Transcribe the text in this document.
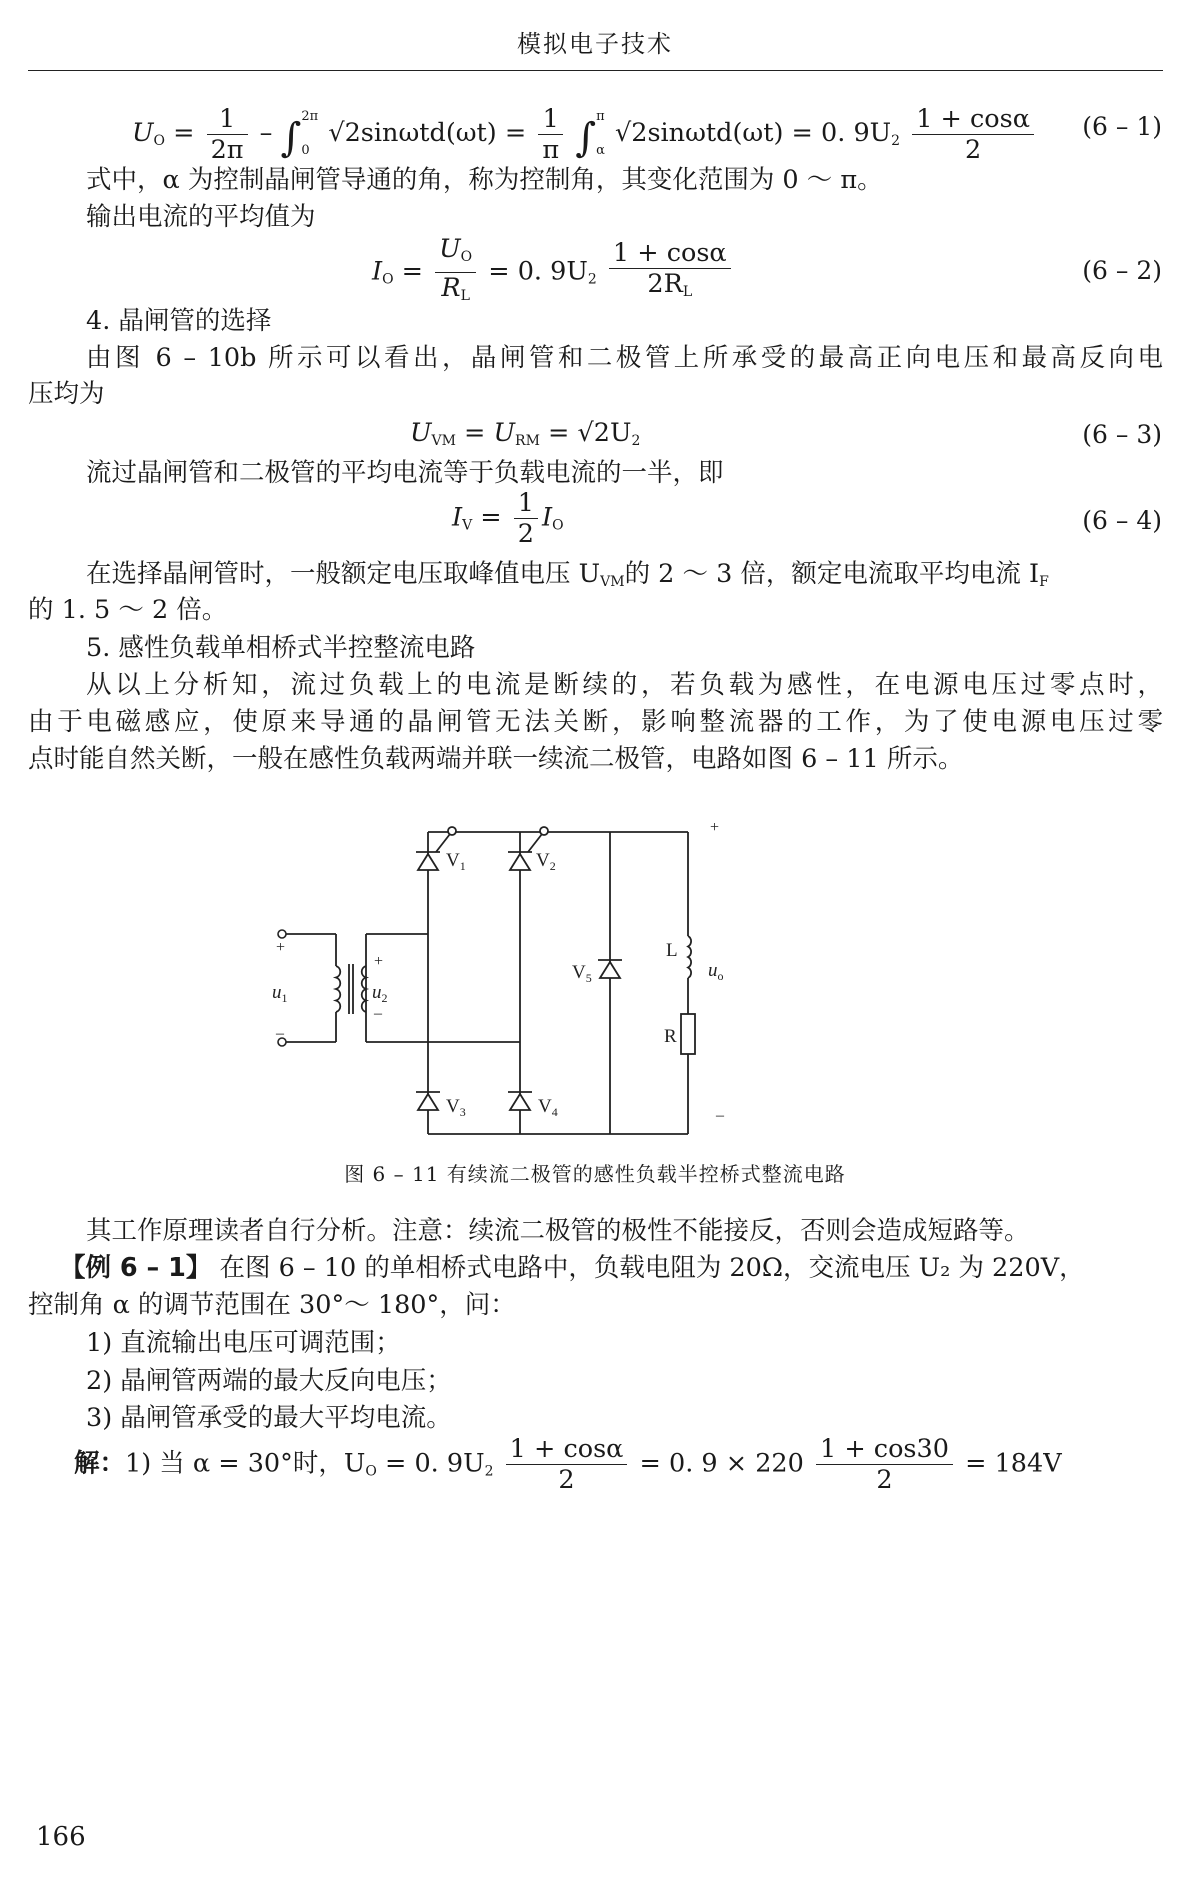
模拟电子技术
$U_O = \frac{1}{2\pi}$ – ∫ 2π
0
$√2\sin\omega td(\omega t) = \frac{1}{\pi}$ ∫ π
α
√2sinωtd(ωt) = 0. $9U_2 \frac{1 + \cos\alpha}{2} (6 - 1)$
式中，α 为控制晶闸管导通的角，称为控制角，其变化范围为 0 ～ π。
输出电流的平均值为
$I_O = \frac{U_O}{R_L} = 0$. $9U_2 \frac{1 + \cos\alpha}{2R_L}$	(6 – 2)
4. 晶闸管的选择
由图 6 – 10b 所示可以看出，晶闸管和二极管上所承受的最高正向电压和最高反向电
压均为
$U_{VM} = U_{RM} = √2U_2$	(6 – 3)
流过晶闸管和二极管的平均电流等于负载电流的一半，即
$I_V = \frac{1}{2} I_O$	(6 – 4)
在选择晶闸管时，一般额定电压取峰值电压 $U_{VM}$的 2 ～ 3 倍，额定电流取平均电流 $I_F$
的 1. 5 ～ 2 倍。
5. 感性负载单相桥式半控整流电路
从以上分析知，流过负载上的电流是断续的，若负载为感性，在电源电压过零点时，
由于电磁感应，使原来导通的晶闸管无法关断，影响整流器的工作，为了使电源电压过零
点时能自然关断，一般在感性负载两端并联一续流二极管，电路如图 6 – 11 所示。
$V_1$	$V_2$
$V_3$	$V_4$
$V_5$
L
R
$u_1$	$u_2$
$u_o$
+
–
+
–
+
–
图 6 – 11 有续流二极管的感性负载半控桥式整流电路
其工作原理读者自行分析。注意：续流二极管的极性不能接反，否则会造成短路等。
【例 6 – 1】 在图 6 – 10 的单相桥式电路中，负载电阻为 20Ω，交流电压 U₂ 为 220V，
控制角 α 的调节范围在 30°～ 180°，问：
1) 直流输出电压可调范围；
2) 晶闸管两端的最大反向电压；
3) 晶闸管承受的最大平均电流。
解：1) 当 α = 30°时，$U_O = 0$. $9U_2 \frac{1 + \cos\alpha}{2} = 0$. $9 \times 220 \frac{1 + \cos 30}{2} = 184V$
166
